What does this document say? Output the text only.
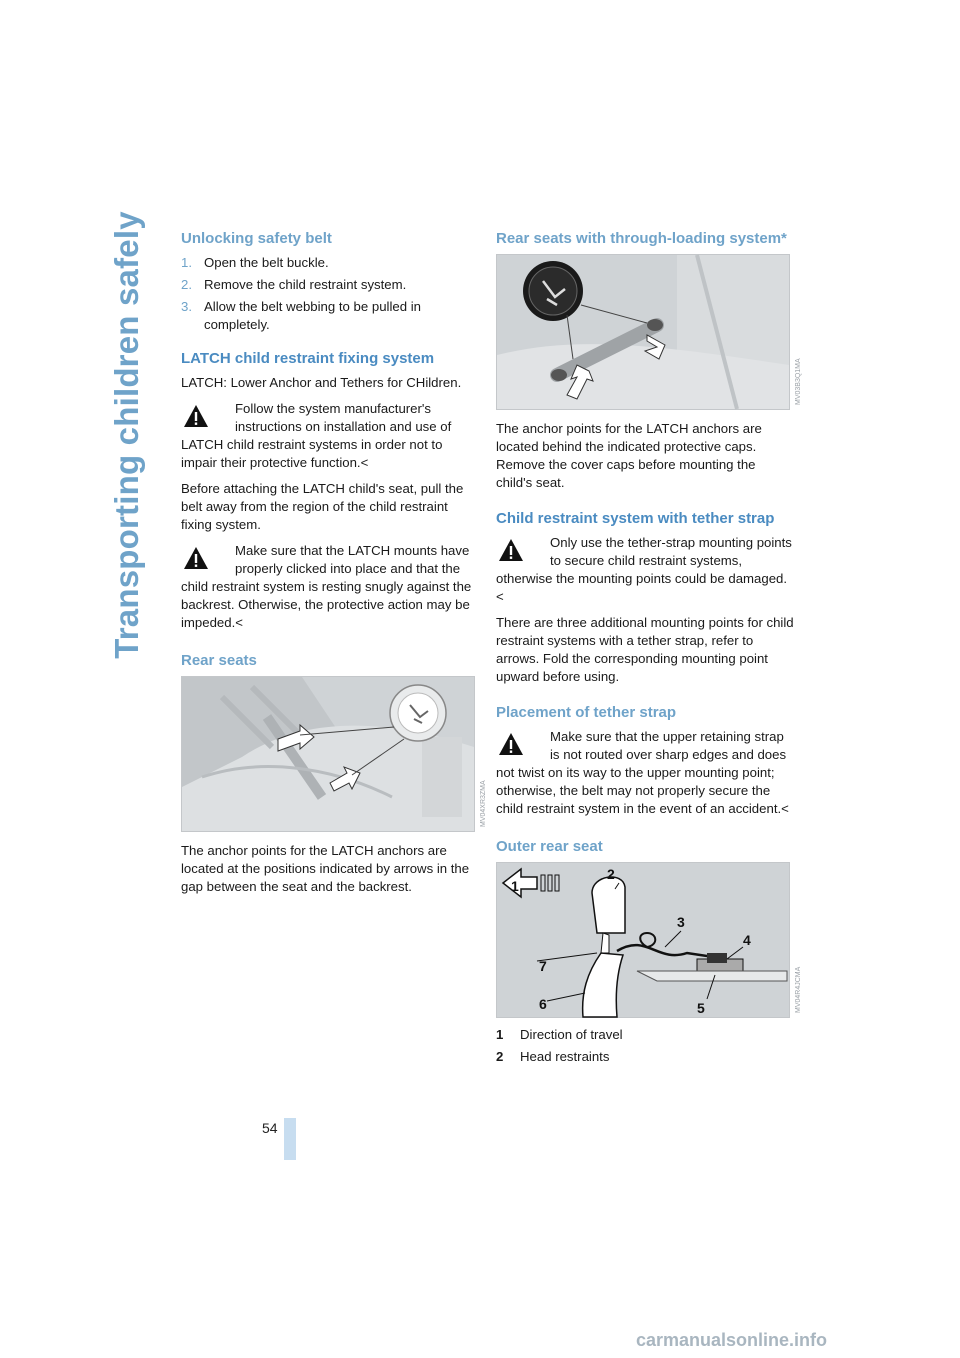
Transporting children safely
54
Unlocking safety belt
1. Open the belt buckle.
2. Remove the child restraint system.
3. Allow the belt webbing to be pulled in completely.
LATCH child restraint fixing system

LATCH: Lower Anchor and Tethers for CHildren.

Follow the system manufacturer's instructions on installation and use of LATCH child restraint systems in order not to impair their protective function.<

Before attaching the LATCH child's seat, pull the belt away from the region of the child restraint fixing system.

Make sure that the LATCH mounts have properly clicked into place and that the child restraint system is resting snugly against the backrest. Otherwise, the protective action may be impeded.<
Rear seats
MV04XR3ZMA

The anchor points for the LATCH anchors are located at the positions indicated by arrows in the gap between the seat and the backrest.

Rear seats with through-loading system*
MV03B3Q1MA

The anchor points for the LATCH anchors are located behind the indicated protective caps. Remove the cover caps before mounting the child's seat.

Child restraint system with tether strap
Only use the tether-strap mounting points to secure child restraint systems, otherwise the mounting points could be damaged.<

There are three additional mounting points for child restraint systems with a tether strap, refer to arrows. Fold the corresponding mounting point upward before using.

Placement of tether strap
Make sure that the upper retaining strap is not routed over sharp edges and does not twist on its way to the upper mounting point; otherwise, the belt may not properly secure the child restraint system in the event of an accident.<
Outer rear seat
1
2
3
4
5
6
7
MV04R4JCMA
1 Direction of travel
2 Head restraints
carmanualsonline.info
